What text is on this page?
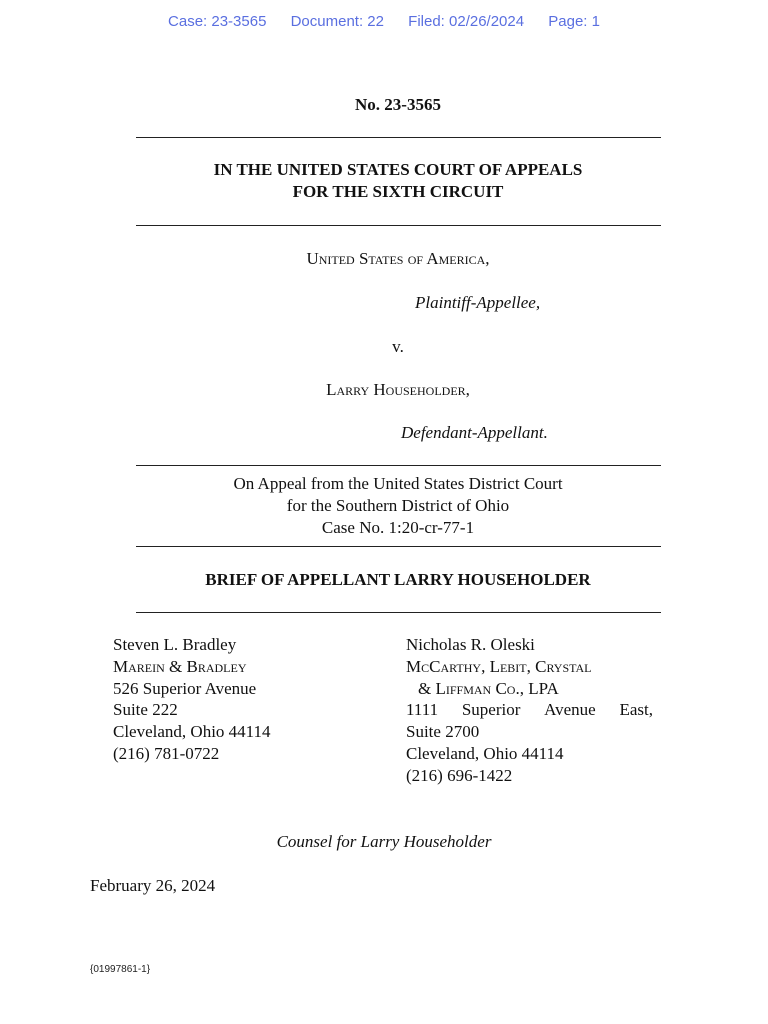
Case: 23-3565 Document: 22 Filed: 02/26/2024 Page: 1
No. 23-3565
IN THE UNITED STATES COURT OF APPEALS
FOR THE SIXTH CIRCUIT
United States of America,
Plaintiff-Appellee,
v.
Larry Householder,
Defendant-Appellant.
On Appeal from the United States District Court
for the Southern District of Ohio
Case No. 1:20-cr-77-1
BRIEF OF APPELLANT LARRY HOUSEHOLDER
Steven L. Bradley
Marein & Bradley
526 Superior Avenue
Suite 222
Cleveland, Ohio 44114
(216) 781-0722
Nicholas R. Oleski
McCarthy, Lebit, Crystal
& Liffman Co., LPA
1111 Superior Avenue East,
Suite 2700
Cleveland, Ohio 44114
(216) 696-1422
Counsel for Larry Householder
February 26, 2024
{01997861-1}
